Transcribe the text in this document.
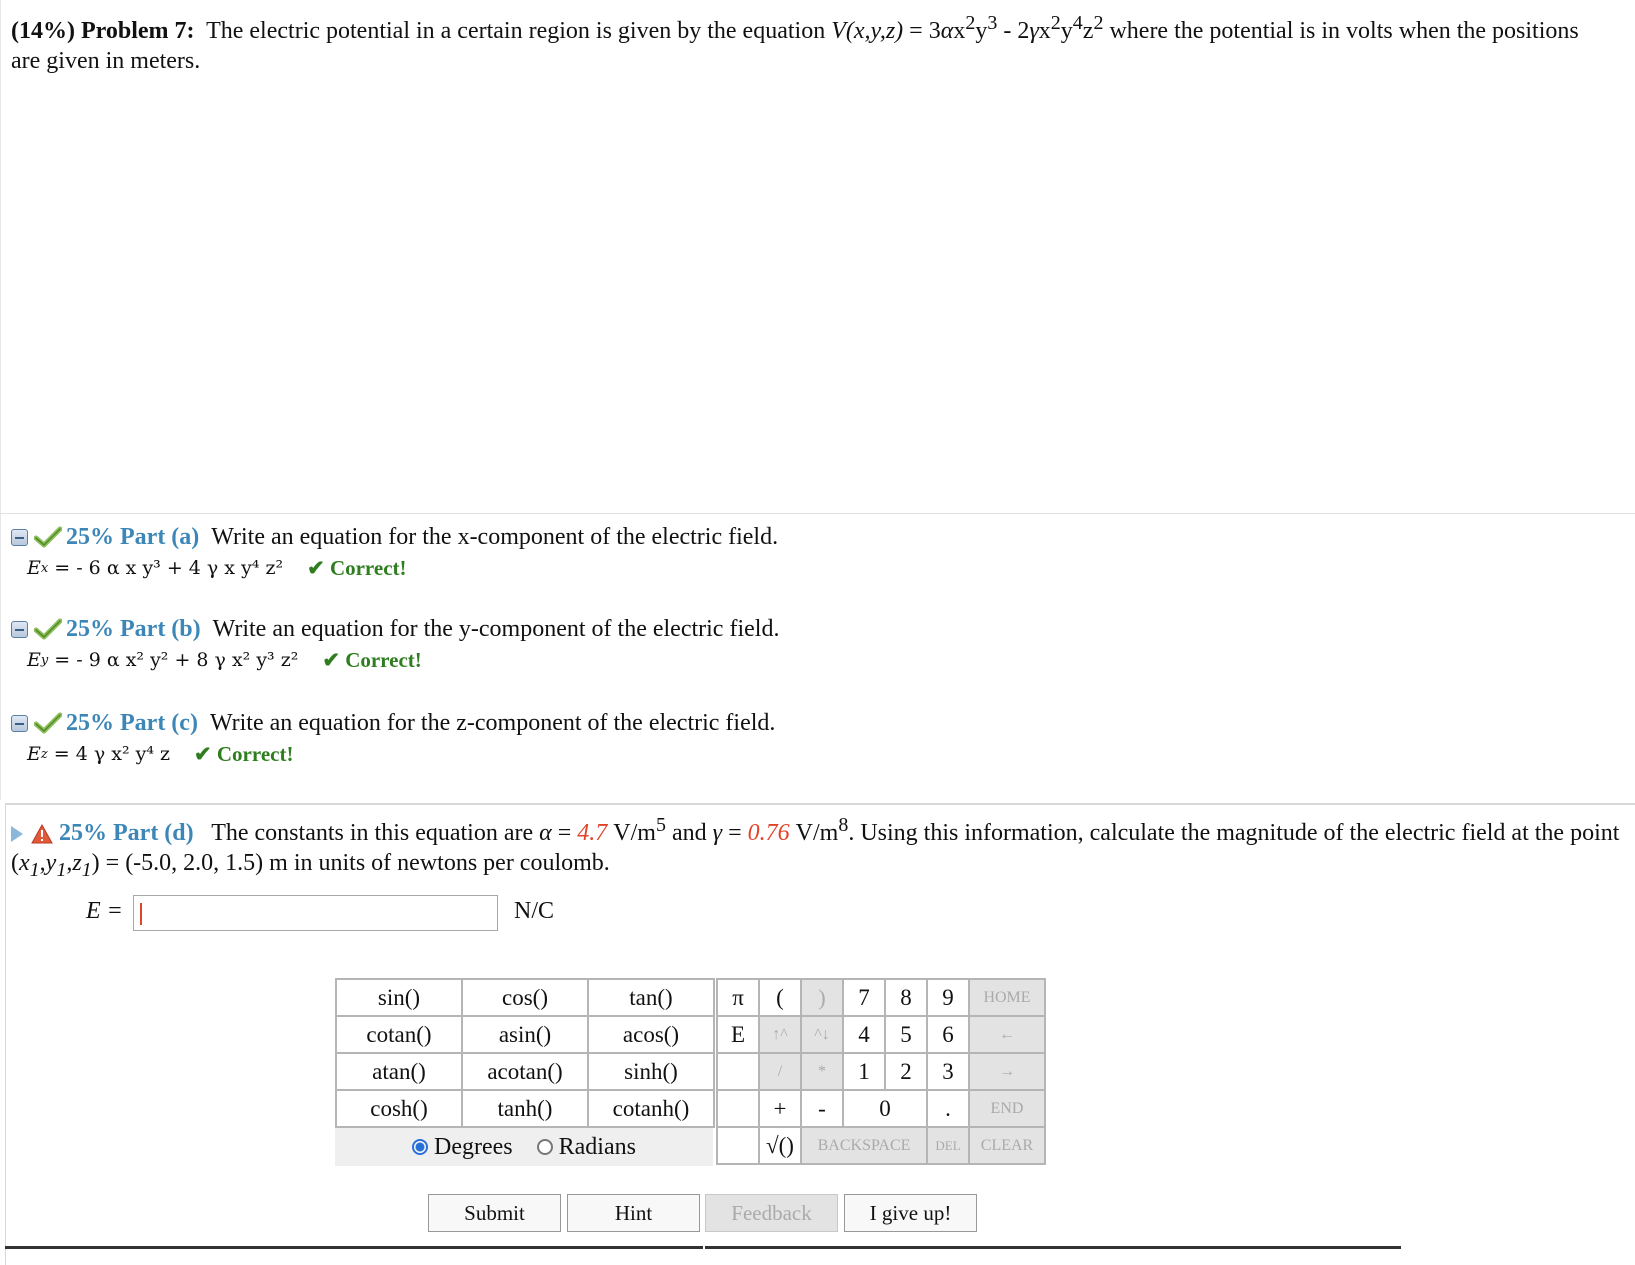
(14%) Problem 7: The electric potential in a certain region is given by the equation $V(x,y,z) = 3\alpha x^2y^3 - 2\gamma x^2y^4z^2$ where the potential is in volts when the positions are given in meters.
25% Part (a) Write an equation for the x-component of the electric field.
E x
= - 6 α x y³ + 4 γ x y⁴ z² ✔ Correct!
25% Part (b) Write an equation for the y-component of the electric field.
E y
= - 9 α x² y² + 8 γ x² y³ z² ✔ Correct!
25% Part (c) Write an equation for the z-component of the electric field.
E z
= 4 γ x² y⁴ z ✔ Correct!
25% Part (d) The constants in this equation are α = 4.7 $V/m^5$ and γ = 0.76 $V/m^8$. Using this information, calculate the magnitude of the electric field at the point $(x_1,y_1,z_1) = (-5.0$, 2.0, 1.5) m in units of newtons per coulomb.
E =	N/C
sin()	cos()	tan()
cotan()	asin()	acos()
atan()	acotan()	sinh()
cosh()	tanh()	cotanh()
Degrees Radians
π	(	)	7	8	9	HOME
E	↑^	^↓	4	5	6	←
	/	*	1	2	3	→
	+	-	0		.	END
	√()	BACKSPACE			DEL	CLEAR
Submit	Hint	Feedback	I give up!
